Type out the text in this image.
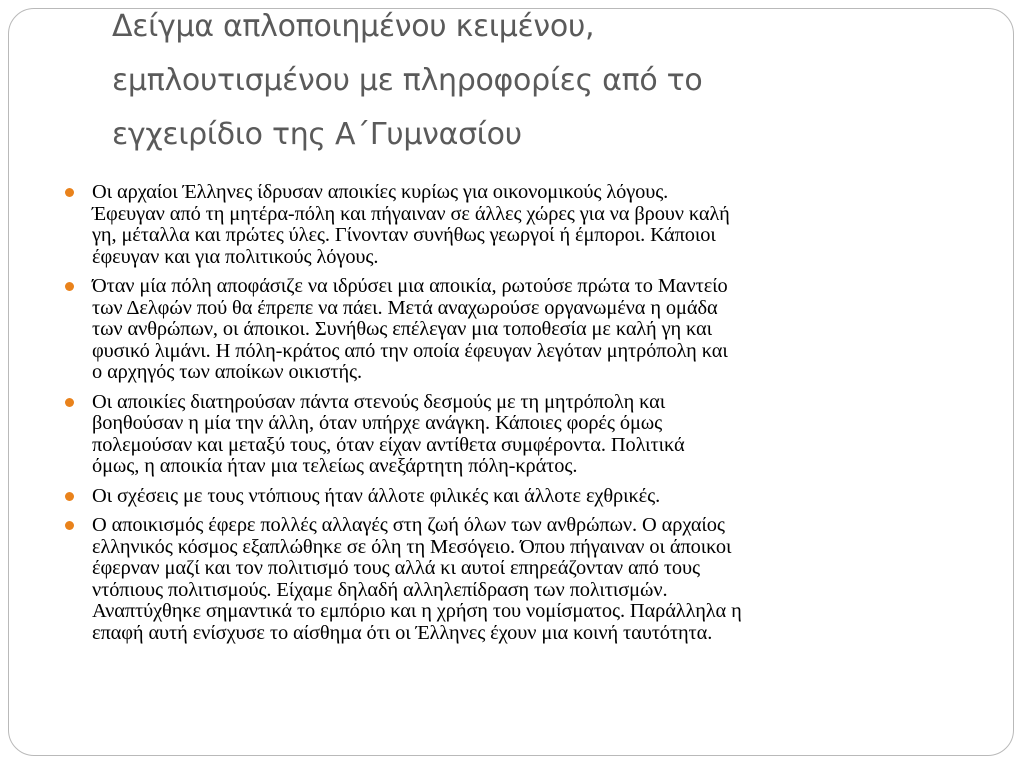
Δείγμα απλοποιημένου κειμένου,
εμπλουτισμένου με πληροφορίες από το
εγχειρίδιο της Α΄Γυμνασίου
Οι αρχαίοι Έλληνες ίδρυσαν αποικίες κυρίως για οικονομικούς λόγους.
Έφευγαν από τη μητέρα-πόλη και πήγαιναν σε άλλες χώρες για να βρουν καλή
γη, μέταλλα και πρώτες ύλες. Γίνονταν συνήθως γεωργοί ή έμποροι. Κάποιοι
έφευγαν και για πολιτικούς λόγους.
Όταν μία πόλη αποφάσιζε να ιδρύσει μια αποικία, ρωτούσε πρώτα το Μαντείο
των Δελφών πού θα έπρεπε να πάει. Μετά αναχωρούσε οργανωμένα η ομάδα
των ανθρώπων, οι άποικοι. Συνήθως επέλεγαν μια τοποθεσία με καλή γη και
φυσικό λιμάνι. Η πόλη-κράτος από την οποία έφευγαν λεγόταν μητρόπολη και
ο αρχηγός των αποίκων οικιστής.
Οι αποικίες διατηρούσαν πάντα στενούς δεσμούς με τη μητρόπολη και
βοηθούσαν η μία την άλλη, όταν υπήρχε ανάγκη. Κάποιες φορές όμως
πολεμούσαν και μεταξύ τους, όταν είχαν αντίθετα συμφέροντα. Πολιτικά
όμως, η αποικία ήταν μια τελείως ανεξάρτητη πόλη-κράτος.
Οι σχέσεις με τους ντόπιους ήταν άλλοτε φιλικές και άλλοτε εχθρικές.
Ο αποικισμός έφερε πολλές αλλαγές στη ζωή όλων των ανθρώπων. Ο αρχαίος
ελληνικός κόσμος εξαπλώθηκε σε όλη τη Μεσόγειο. Όπου πήγαιναν οι άποικοι
έφερναν μαζί και τον πολιτισμό τους αλλά κι αυτοί επηρεάζονταν από τους
ντόπιους πολιτισμούς. Είχαμε δηλαδή αλληλεπίδραση των πολιτισμών.
Αναπτύχθηκε σημαντικά το εμπόριο και η χρήση του νομίσματος. Παράλληλα η
επαφή αυτή ενίσχυσε το αίσθημα ότι οι Έλληνες έχουν μια κοινή ταυτότητα.
